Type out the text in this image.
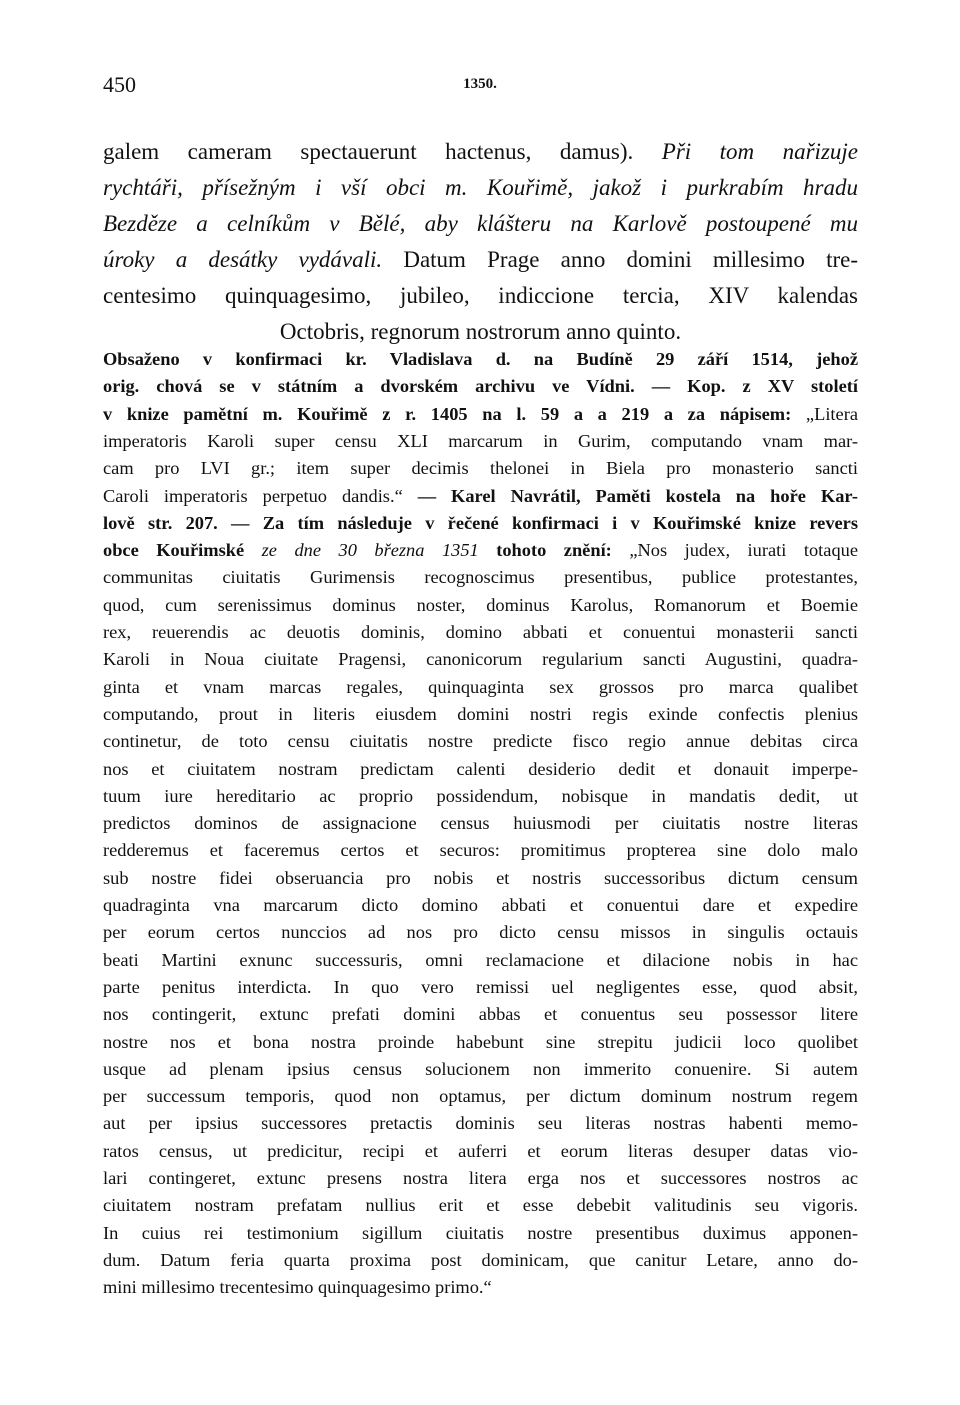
450	1350.
galem cameram spectauerunt hactenus, damus). Při tom nařizuje
rychtáři, přísežným i vší obci m. Kouřimě, jakož i purkrabím hradu
Bezděze a celníkům v Bělé, aby klášteru na Karlově postoupené mu
úroky a desátky vydávali. Datum Prage anno domini millesimo tre-
centesimo quinquagesimo, jubileo, indiccione tercia, XIV kalendas
Octobris, regnorum nostrorum anno quinto.
Obsaženo v konfirmaci kr. Vladislava d. na Budíně 29 září 1514, jehož
orig. chová se v státním a dvorském archivu ve Vídni. — Kop. z XV století
v knize pamětní m. Kouřimě z r. 1405 na l. 59 a a 219 a za nápisem: „Litera
imperatoris Karoli super censu XLI marcarum in Gurim, computando vnam mar-
cam pro LVI gr.; item super decimis thelonei in Biela pro monasterio sancti
Caroli imperatoris perpetuo dandis.“ — Karel Navrátil, Paměti kostela na hoře Kar-
lově str. 207. — Za tím následuje v řečené konfirmaci i v Kouřimské knize revers
obce Kouřimské ze dne 30 března 1351 tohoto znění: „Nos judex, iurati totaque
communitas ciuitatis Gurimensis recognoscimus presentibus, publice protestantes,
quod, cum serenissimus dominus noster, dominus Karolus, Romanorum et Boemie
rex, reuerendis ac deuotis dominis, domino abbati et conuentui monasterii sancti
Karoli in Noua ciuitate Pragensi, canonicorum regularium sancti Augustini, quadra-
ginta et vnam marcas regales, quinquaginta sex grossos pro marca qualibet
computando, prout in literis eiusdem domini nostri regis exinde confectis plenius
continetur, de toto censu ciuitatis nostre predicte fisco regio annue debitas circa
nos et ciuitatem nostram predictam calenti desiderio dedit et donauit imperpe-
tuum iure hereditario ac proprio possidendum, nobisque in mandatis dedit, ut
predictos dominos de assignacione census huiusmodi per ciuitatis nostre literas
redderemus et faceremus certos et securos: promitimus propterea sine dolo malo
sub nostre fidei obseruancia pro nobis et nostris successoribus dictum censum
quadraginta vna marcarum dicto domino abbati et conuentui dare et expedire
per eorum certos nunccios ad nos pro dicto censu missos in singulis octauis
beati Martini exnunc successuris, omni reclamacione et dilacione nobis in hac
parte penitus interdicta. In quo vero remissi uel negligentes esse, quod absit,
nos contingerit, extunc prefati domini abbas et conuentus seu possessor litere
nostre nos et bona nostra proinde habebunt sine strepitu judicii loco quolibet
usque ad plenam ipsius census solucionem non immerito conuenire. Si autem
per successum temporis, quod non optamus, per dictum dominum nostrum regem
aut per ipsius successores pretactis dominis seu literas nostras habenti memo-
ratos census, ut predicitur, recipi et auferri et eorum literas desuper datas vio-
lari contingeret, extunc presens nostra litera erga nos et successores nostros ac
ciuitatem nostram prefatam nullius erit et esse debebit valitudinis seu vigoris.
In cuius rei testimonium sigillum ciuitatis nostre presentibus duximus apponen-
dum. Datum feria quarta proxima post dominicam, que canitur Letare, anno do-
mini millesimo trecentesimo quinquagesimo primo.“
